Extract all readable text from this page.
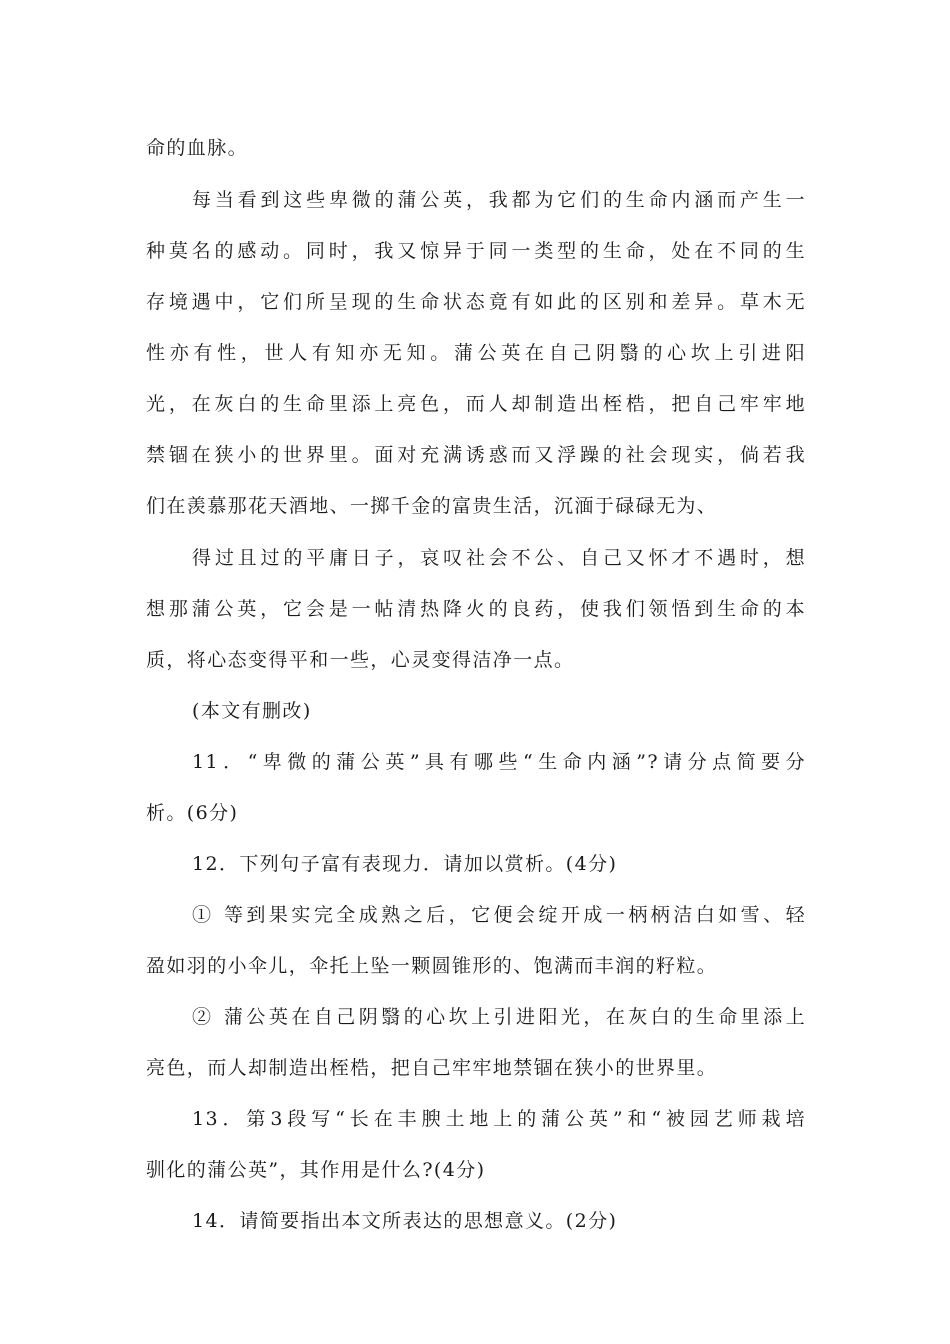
命的血脉。
每当看到这些卑微的蒲公英，我都为它们的生命内涵而产生一
种莫名的感动。同时，我又惊异于同一类型的生命，处在不同的生
存境遇中，它们所呈现的生命状态竟有如此的区别和差异。草木无
性亦有性，世人有知亦无知。蒲公英在自己阴翳的心坎上引进阳
光，在灰白的生命里添上亮色，而人却制造出桎梏，把自己牢牢地
禁锢在狭小的世界里。面对充满诱惑而又浮躁的社会现实，倘若我
们在羡慕那花天酒地、一掷千金的富贵生活，沉湎于碌碌无为、
得过且过的平庸日子，哀叹社会不公、自己又怀才不遇时，想
想那蒲公英，它会是一帖清热降火的良药，使我们领悟到生命的本
质，将心态变得平和一些，心灵变得洁净一点。
(本文有删改)
11．“卑微的蒲公英”具有哪些“生命内涵”?请分点简要分
析。(6分)
12．下列句子富有表现力．请加以赏析。(4分)
① 等到果实完全成熟之后，它便会绽开成一柄柄洁白如雪、轻
盈如羽的小伞儿，伞托上坠一颗圆锥形的、饱满而丰润的籽粒。
② 蒲公英在自己阴翳的心坎上引进阳光，在灰白的生命里添上
亮色，而人却制造出桎梏，把自己牢牢地禁锢在狭小的世界里。
13．第3段写“长在丰腴土地上的蒲公英”和“被园艺师栽培
驯化的蒲公英”，其作用是什么?(4分)
14．请简要指出本文所表达的思想意义。(2分)
